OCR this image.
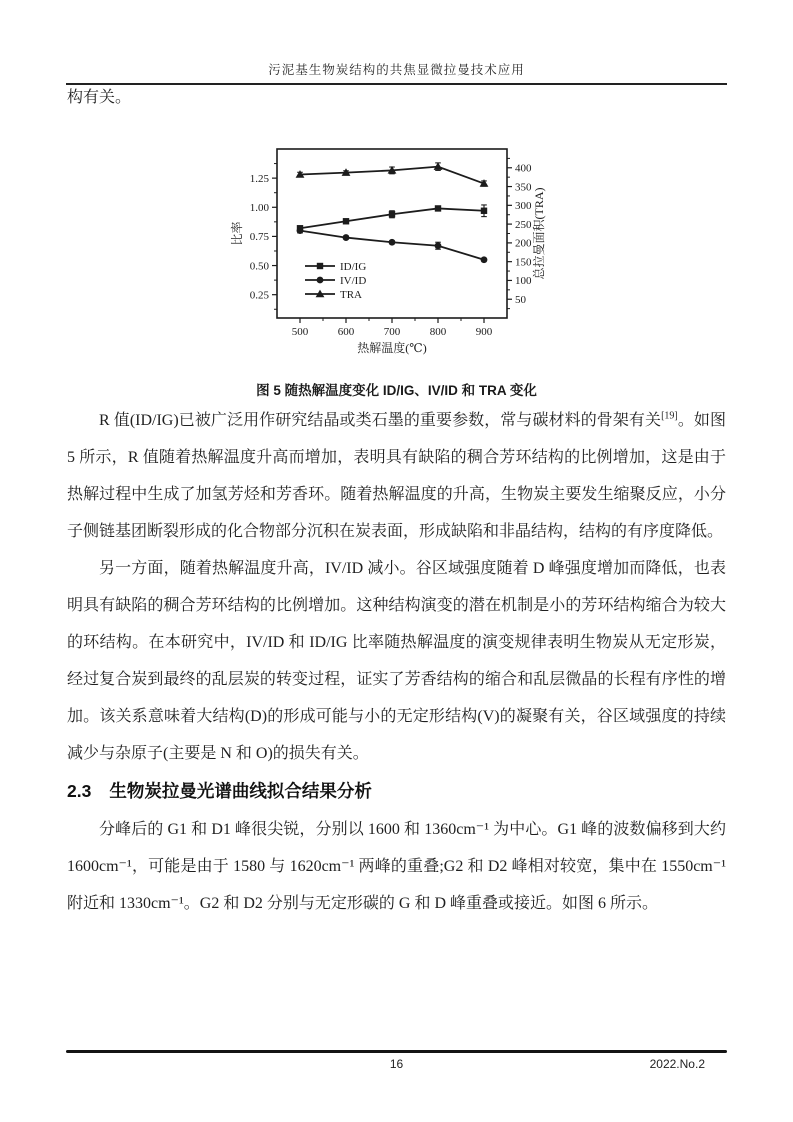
污泥基生物炭结构的共焦显微拉曼技术应用
构有关。
500	600	700	800	900
0.25
0.50
0.75
1.00
1.25
50
100
150
200
250
300
350
400
热解温度(℃)
比率	总拉曼面积(TRA)
ID/IG
IV/ID
TRA
图 5 随热解温度变化 ID/IG、IV/ID 和 TRA 变化

R 值(ID/IG)已被广泛用作研究结晶或类石墨的重要参数，常与碳材料的骨架有关[19]。如图 5 所示，R 值随着热解温度升高而增加，表明具有缺陷的稠合芳环结构的比例增加，这是由于热解过程中生成了加氢芳烃和芳香环。随着热解温度的升高，生物炭主要发生缩聚反应，小分子侧链基团断裂形成的化合物部分沉积在炭表面，形成缺陷和非晶结构，结构的有序度降低。

另一方面，随着热解温度升高，IV/ID 减小。谷区域强度随着 D 峰强度增加而降低，也表明具有缺陷的稠合芳环结构的比例增加。这种结构演变的潜在机制是小的芳环结构缩合为较大的环结构。在本研究中，IV/ID 和 ID/IG 比率随热解温度的演变规律表明生物炭从无定形炭，经过复合炭到最终的乱层炭的转变过程，证实了芳香结构的缩合和乱层微晶的长程有序性的增加。该关系意味着大结构(D)的形成可能与小的无定形结构(V)的凝聚有关，谷区域强度的持续减少与杂原子(主要是 N 和 O)的损失有关。

2.3 生物炭拉曼光谱曲线拟合结果分析

分峰后的 G1 和 D1 峰很尖锐，分别以 1600 和 1360cm⁻¹ 为中心。G1 峰的波数偏移到大约 1600cm⁻¹，可能是由于 1580 与 1620cm⁻¹ 两峰的重叠;G2 和 D2 峰相对较宽，集中在 1550cm⁻¹ 附近和 1330cm⁻¹。G2 和 D2 分别与无定形碳的 G 和 D 峰重叠或接近。如图 6 所示。

16	2022.No.2
